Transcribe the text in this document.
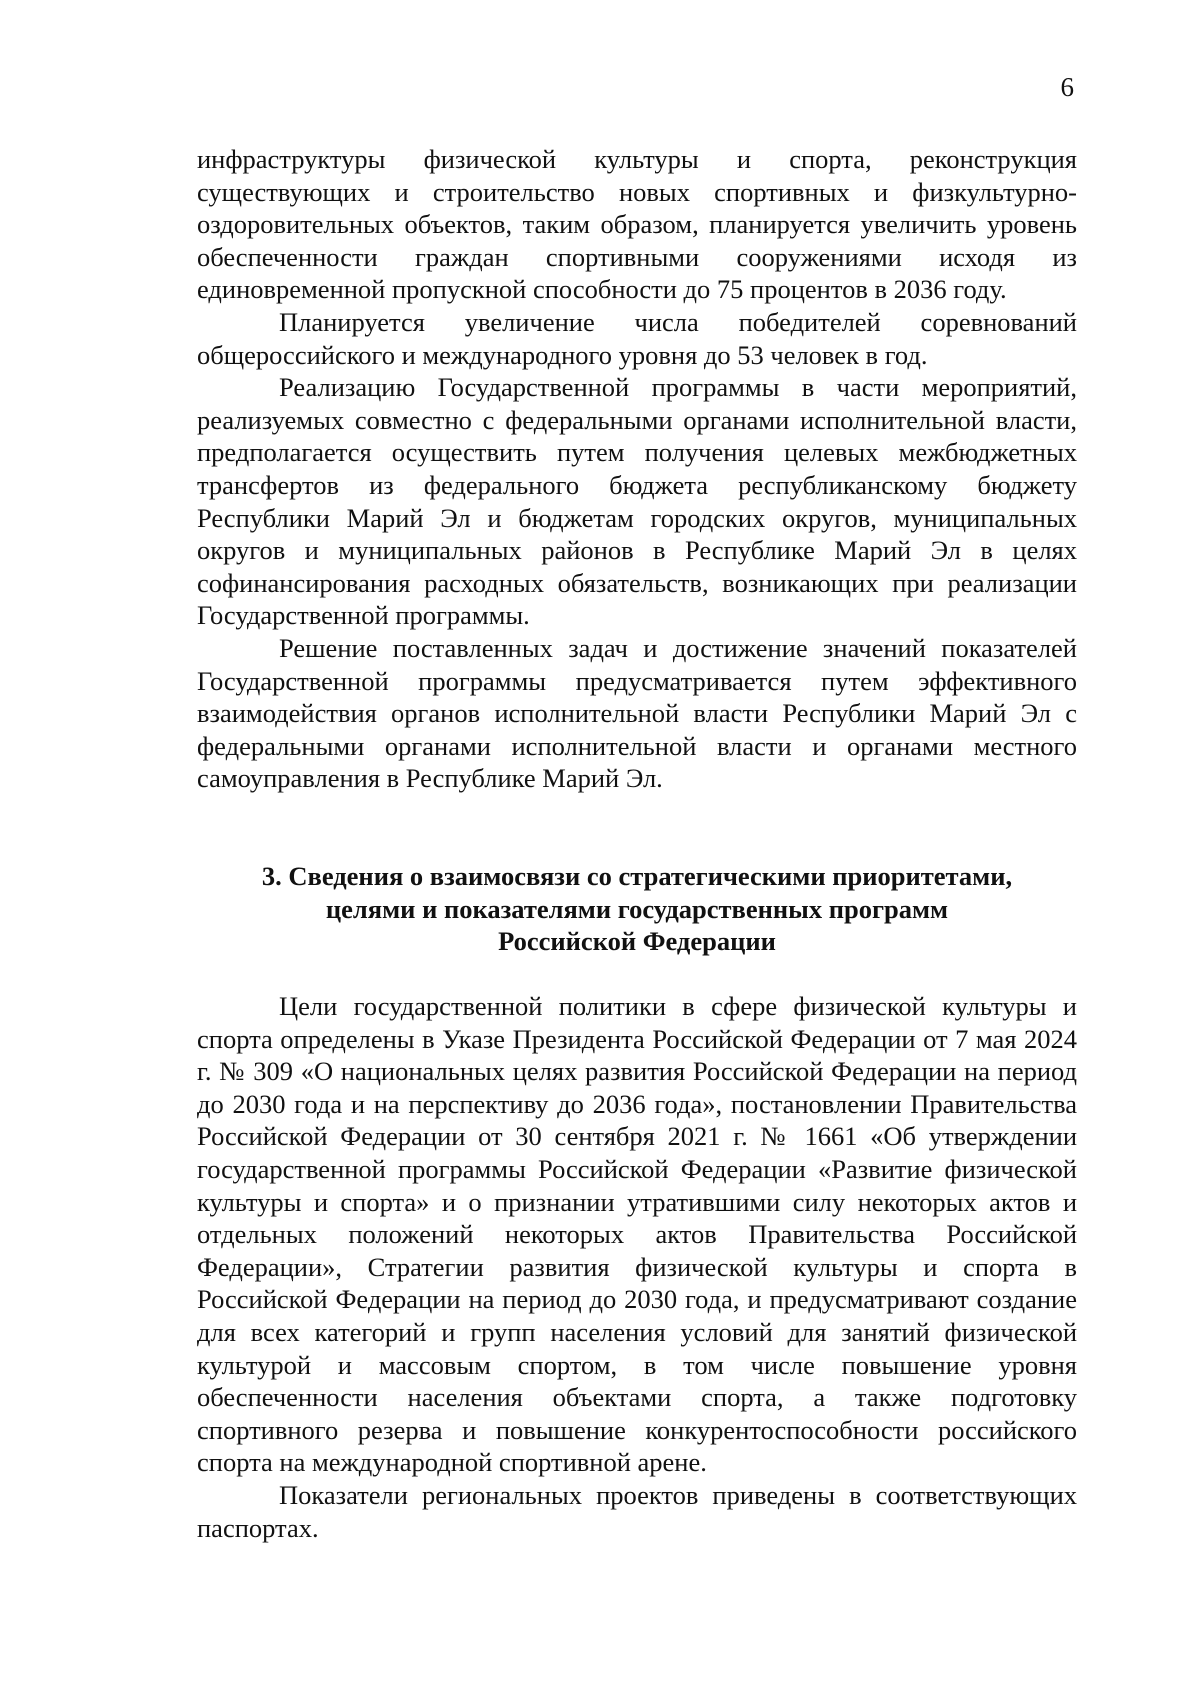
6

инфраструктуры физической культуры и спорта, реконструкция существующих и строительство новых спортивных и физкультурно-оздоровительных объектов, таким образом, планируется увеличить уровень обеспеченности граждан спортивными сооружениями исходя из единовременной пропускной способности до 75 процентов в 2036 году.

Планируется увеличение числа победителей соревнований общероссийского и международного уровня до 53 человек в год.

Реализацию Государственной программы в части мероприятий, реализуемых совместно с федеральными органами исполнительной власти, предполагается осуществить путем получения целевых межбюджетных трансфертов из федерального бюджета республиканскому бюджету Республики Марий Эл и бюджетам городских округов, муниципальных округов и муниципальных районов в Республике Марий Эл в целях софинансирования расходных обязательств, возникающих при реализации Государственной программы.

Решение поставленных задач и достижение значений показателей Государственной программы предусматривается путем эффективного взаимодействия органов исполнительной власти Республики Марий Эл с федеральными органами исполнительной власти и органами местного самоуправления в Республике Марий Эл.

3. Сведения о взаимосвязи со стратегическими приоритетами,
целями и показателями государственных программ
Российской Федерации

Цели государственной политики в сфере физической культуры и спорта определены в Указе Президента Российской Федерации от 7 мая 2024 г. № 309 «О национальных целях развития Российской Федерации на период до 2030 года и на перспективу до 2036 года», постановлении Правительства Российской Федерации от 30 сентября 2021 г. № 1661 «Об утверждении государственной программы Российской Федерации «Развитие физической культуры и спорта» и о признании утратившими силу некоторых актов и отдельных положений некоторых актов Правительства Российской Федерации», Стратегии развития физической культуры и спорта в Российской Федерации на период до 2030 года, и предусматривают создание для всех категорий и групп населения условий для занятий физической культурой и массовым спортом, в том числе повышение уровня обеспеченности населения объектами спорта, а также подготовку спортивного резерва и повышение конкурентоспособности российского спорта на международной спортивной арене.

Показатели региональных проектов приведены в соответствующих паспортах.
